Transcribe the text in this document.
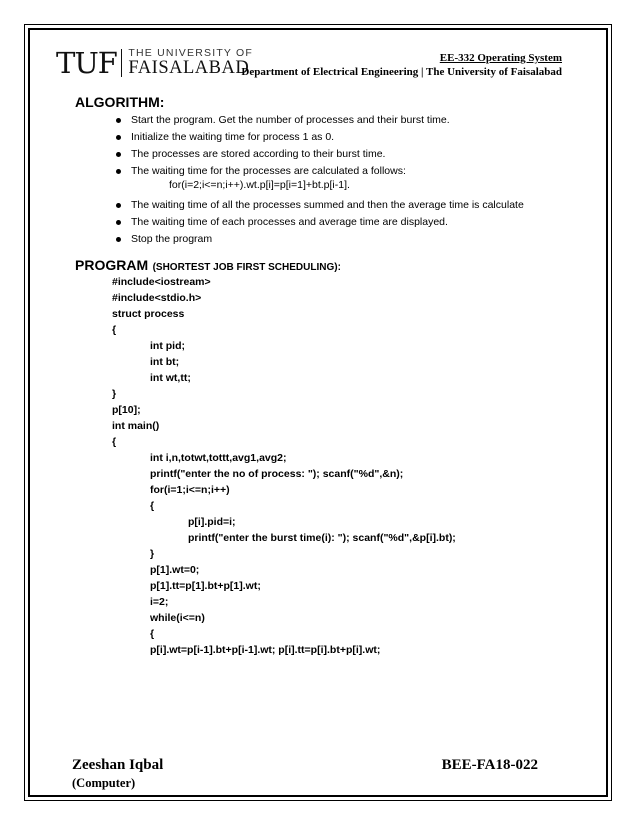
TUF THE UNIVERSITY OF
FAISALABAD	EE-332 Operating System
Department of Electrical Engineering | The University of Faisalabad
ALGORITHM:
Start the program. Get the number of processes and their burst time.
Initialize the waiting time for process 1 as 0.
The processes are stored according to their burst time.
The waiting time for the processes are calculated a follows:
The waiting time of all the processes summed and then the average time is calculate
The waiting time of each processes and average time are displayed.
Stop the program
for(i=2;i<=n;i++).wt.p[i]=p[i=1]+bt.p[i-1].
PROGRAM (SHORTEST JOB FIRST SCHEDULING):
#include<iostream>
#include<stdio.h>
struct process
{
int pid;
int bt;
int wt,tt;
}
p[10];
int main()
{
int i,n,totwt,tottt,avg1,avg2;
printf("enter the no of process: "); scanf("%d",&n);
for(i=1;i<=n;i++)
{
p[i].pid=i;
printf("enter the burst time(i): "); scanf("%d",&p[i].bt);
}
p[1].wt=0;
p[1].tt=p[1].bt+p[1].wt;
i=2;
while(i<=n)
{
p[i].wt=p[i-1].bt+p[i-1].wt; p[i].tt=p[i].bt+p[i].wt;
Zeeshan Iqbal
(Computer)
BEE-FA18-022
